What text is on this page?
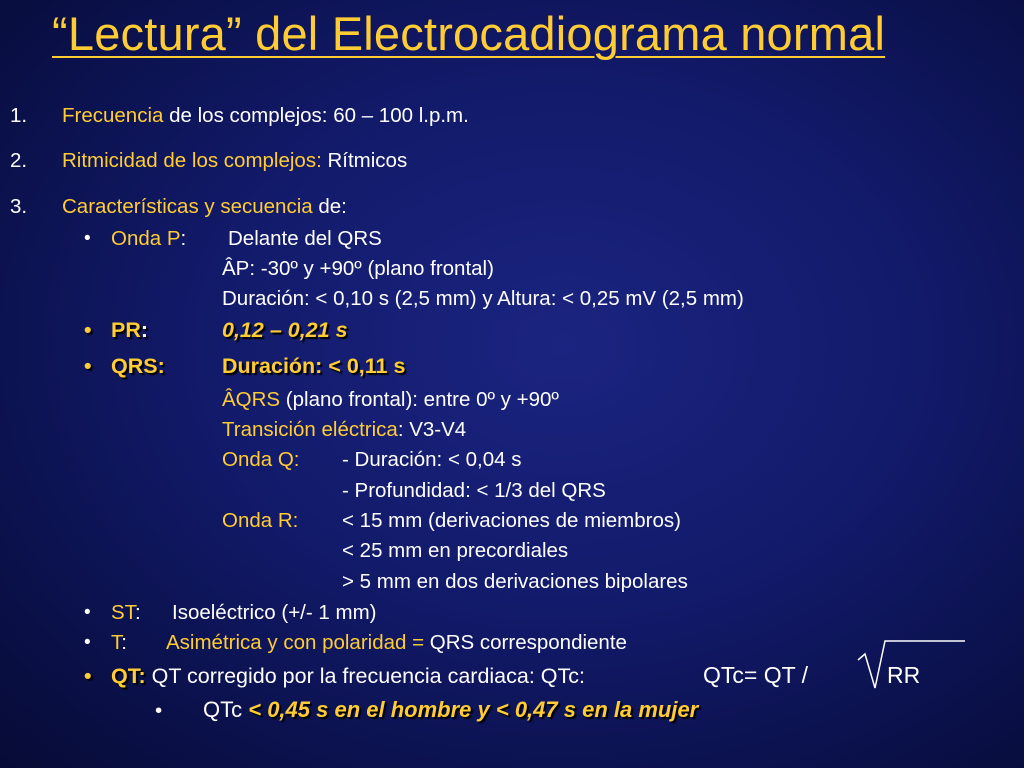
“Lectura” del Electrocadiograma normal
1. Frecuencia de los complejos: 60 – 100 l.p.m.
2. Ritmicidad de los complejos: Rítmicos
3. Características y secuencia de:
• Onda P: Delante del QRS
ÂP: -30º y +90º (plano frontal)
Duración: < 0,10 s (2,5 mm) y Altura: < 0,25 mV (2,5 mm)
• PR:	0,12 – 0,21 s
• QRS:	Duración: < 0,11 s
ÂQRS (plano frontal): entre 0º y +90º
Transición eléctrica: V3-V4
Onda Q: - Duración: < 0,04 s
- Profundidad: < 1/3 del QRS
Onda R: < 15 mm (derivaciones de miembros)
< 25 mm en precordiales
> 5 mm en dos derivaciones bipolares
• ST: Isoeléctrico (+/- 1 mm)
• T: Asimétrica y con polaridad = QRS correspondiente
• QT: QT corregido por la frecuencia cardiaca: QTc:	QTc= QT /	RR
• QTc < 0,45 s en el hombre y < 0,47 s en la mujer
